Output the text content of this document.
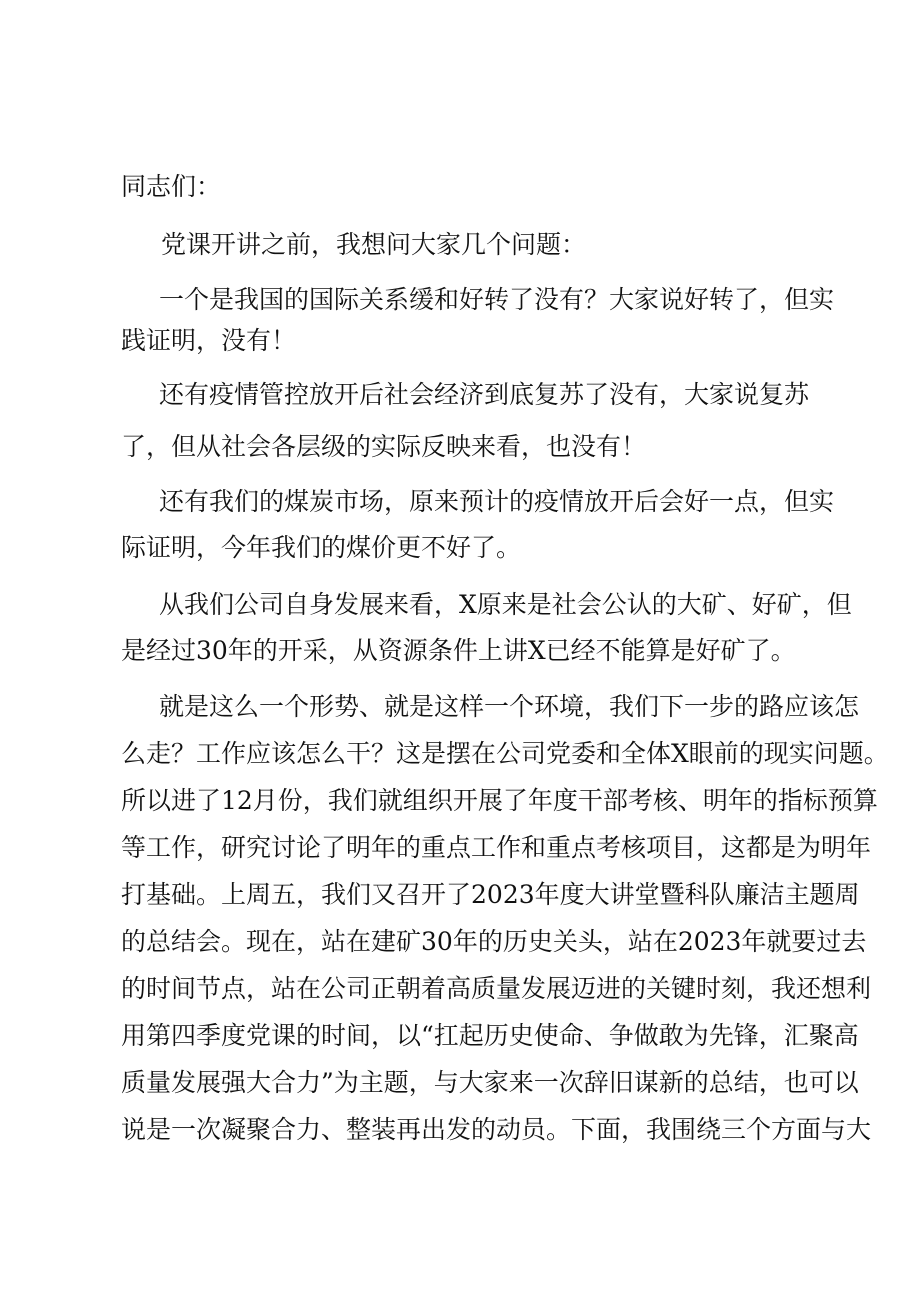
同志们：
党课开讲之前，我想问大家几个问题：
一个是我国的国际关系缓和好转了没有？大家说好转了，但实
践证明，没有！
还有疫情管控放开后社会经济到底复苏了没有，大家说复苏
了，但从社会各层级的实际反映来看，也没有！
还有我们的煤炭市场，原来预计的疫情放开后会好一点，但实
际证明，今年我们的煤价更不好了。
从我们公司自身发展来看，X原来是社会公认的大矿、好矿，但
是经过30年的开采，从资源条件上讲X已经不能算是好矿了。
就是这么一个形势、就是这样一个环境，我们下一步的路应该怎
么走？工作应该怎么干？这是摆在公司党委和全体X眼前的现实问题。
所以进了12月份，我们就组织开展了年度干部考核、明年的指标预算
等工作，研究讨论了明年的重点工作和重点考核项目，这都是为明年
打基础。上周五，我们又召开了2023年度大讲堂暨科队廉洁主题周
的总结会。现在，站在建矿30年的历史关头，站在2023年就要过去
的时间节点，站在公司正朝着高质量发展迈进的关键时刻，我还想利
用第四季度党课的时间，以“扛起历史使命、争做敢为先锋，汇聚高
质量发展强大合力”为主题，与大家来一次辞旧谋新的总结，也可以
说是一次凝聚合力、整装再出发的动员。下面，我围绕三个方面与大
